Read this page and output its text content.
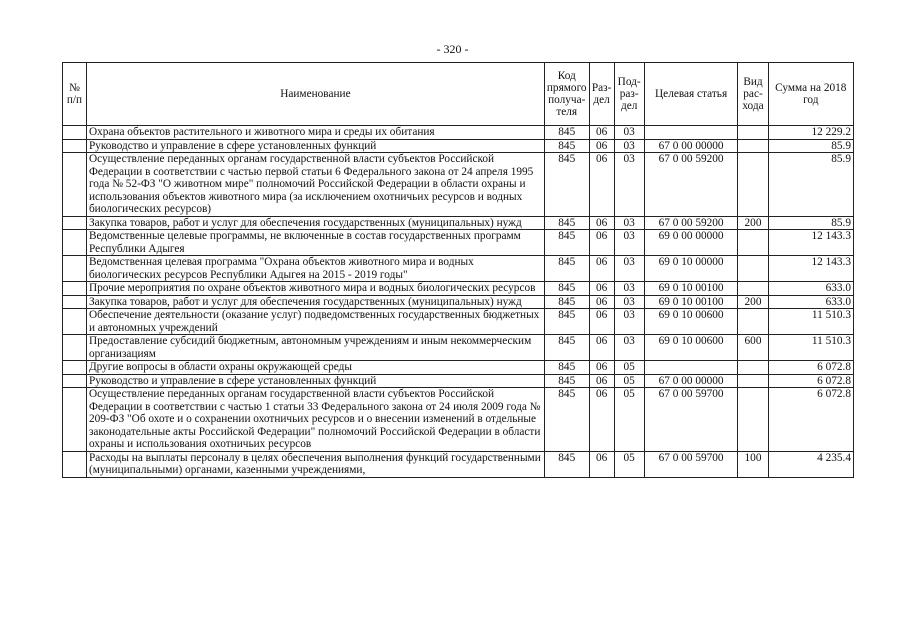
- 320 -
№ п/п	Наименование	Код прямого получа-теля	Раз-дел	Под-раз-дел	Целевая статья	Вид рас-хода	Сумма на 2018 год
	Охрана объектов растительного и животного мира и среды их обитания	845	06	03			12 229.2
	Руководство и управление в сфере установленных функций	845	06	03	67 0 00 00000		85.9
	Осуществление переданных органам государственной власти субъектов Российской Федерации в соответствии с частью первой статьи 6 Федерального закона от 24 апреля 1995 года № 52-ФЗ "О животном мире" полномочий Российской Федерации в области охраны и использования объектов животного мира (за исключением охотничьих ресурсов и водных биологических ресурсов)	845	06	03	67 0 00 59200		85.9
	Закупка товаров, работ и услуг для обеспечения государственных (муниципальных) нужд	845	06	03	67 0 00 59200	200	85.9
	Ведомственные целевые программы, не включенные в состав государственных программ Республики Адыгея	845	06	03	69 0 00 00000		12 143.3
	Ведомственная целевая программа "Охрана объектов животного мира и водных биологических ресурсов Республики Адыгея на 2015 - 2019 годы"	845	06	03	69 0 10 00000		12 143.3
	Прочие мероприятия по охране объектов животного мира и водных биологических ресурсов	845	06	03	69 0 10 00100		633.0
	Закупка товаров, работ и услуг для обеспечения государственных (муниципальных) нужд	845	06	03	69 0 10 00100	200	633.0
	Обеспечение деятельности (оказание услуг) подведомственных государственных бюджетных и автономных учреждений	845	06	03	69 0 10 00600		11 510.3
	Предоставление субсидий бюджетным, автономным учреждениям и иным некоммерческим организациям	845	06	03	69 0 10 00600	600	11 510.3
	Другие вопросы в области охраны окружающей среды	845	06	05			6 072.8
	Руководство и управление в сфере установленных функций	845	06	05	67 0 00 00000		6 072.8
	Осуществление переданных органам государственной власти субъектов Российской Федерации в соответствии с частью 1 статьи 33 Федерального закона от 24 июля 2009 года № 209-ФЗ "Об охоте и о сохранении охотничьих ресурсов и о внесении изменений в отдельные законодательные акты Российской Федерации" полномочий Российской Федерации в области охраны и использования охотничьих ресурсов	845	06	05	67 0 00 59700		6 072.8
	Расходы на выплаты персоналу в целях обеспечения выполнения функций государственными (муниципальными) органами, казенными учреждениями,	845	06	05	67 0 00 59700	100	4 235.4
